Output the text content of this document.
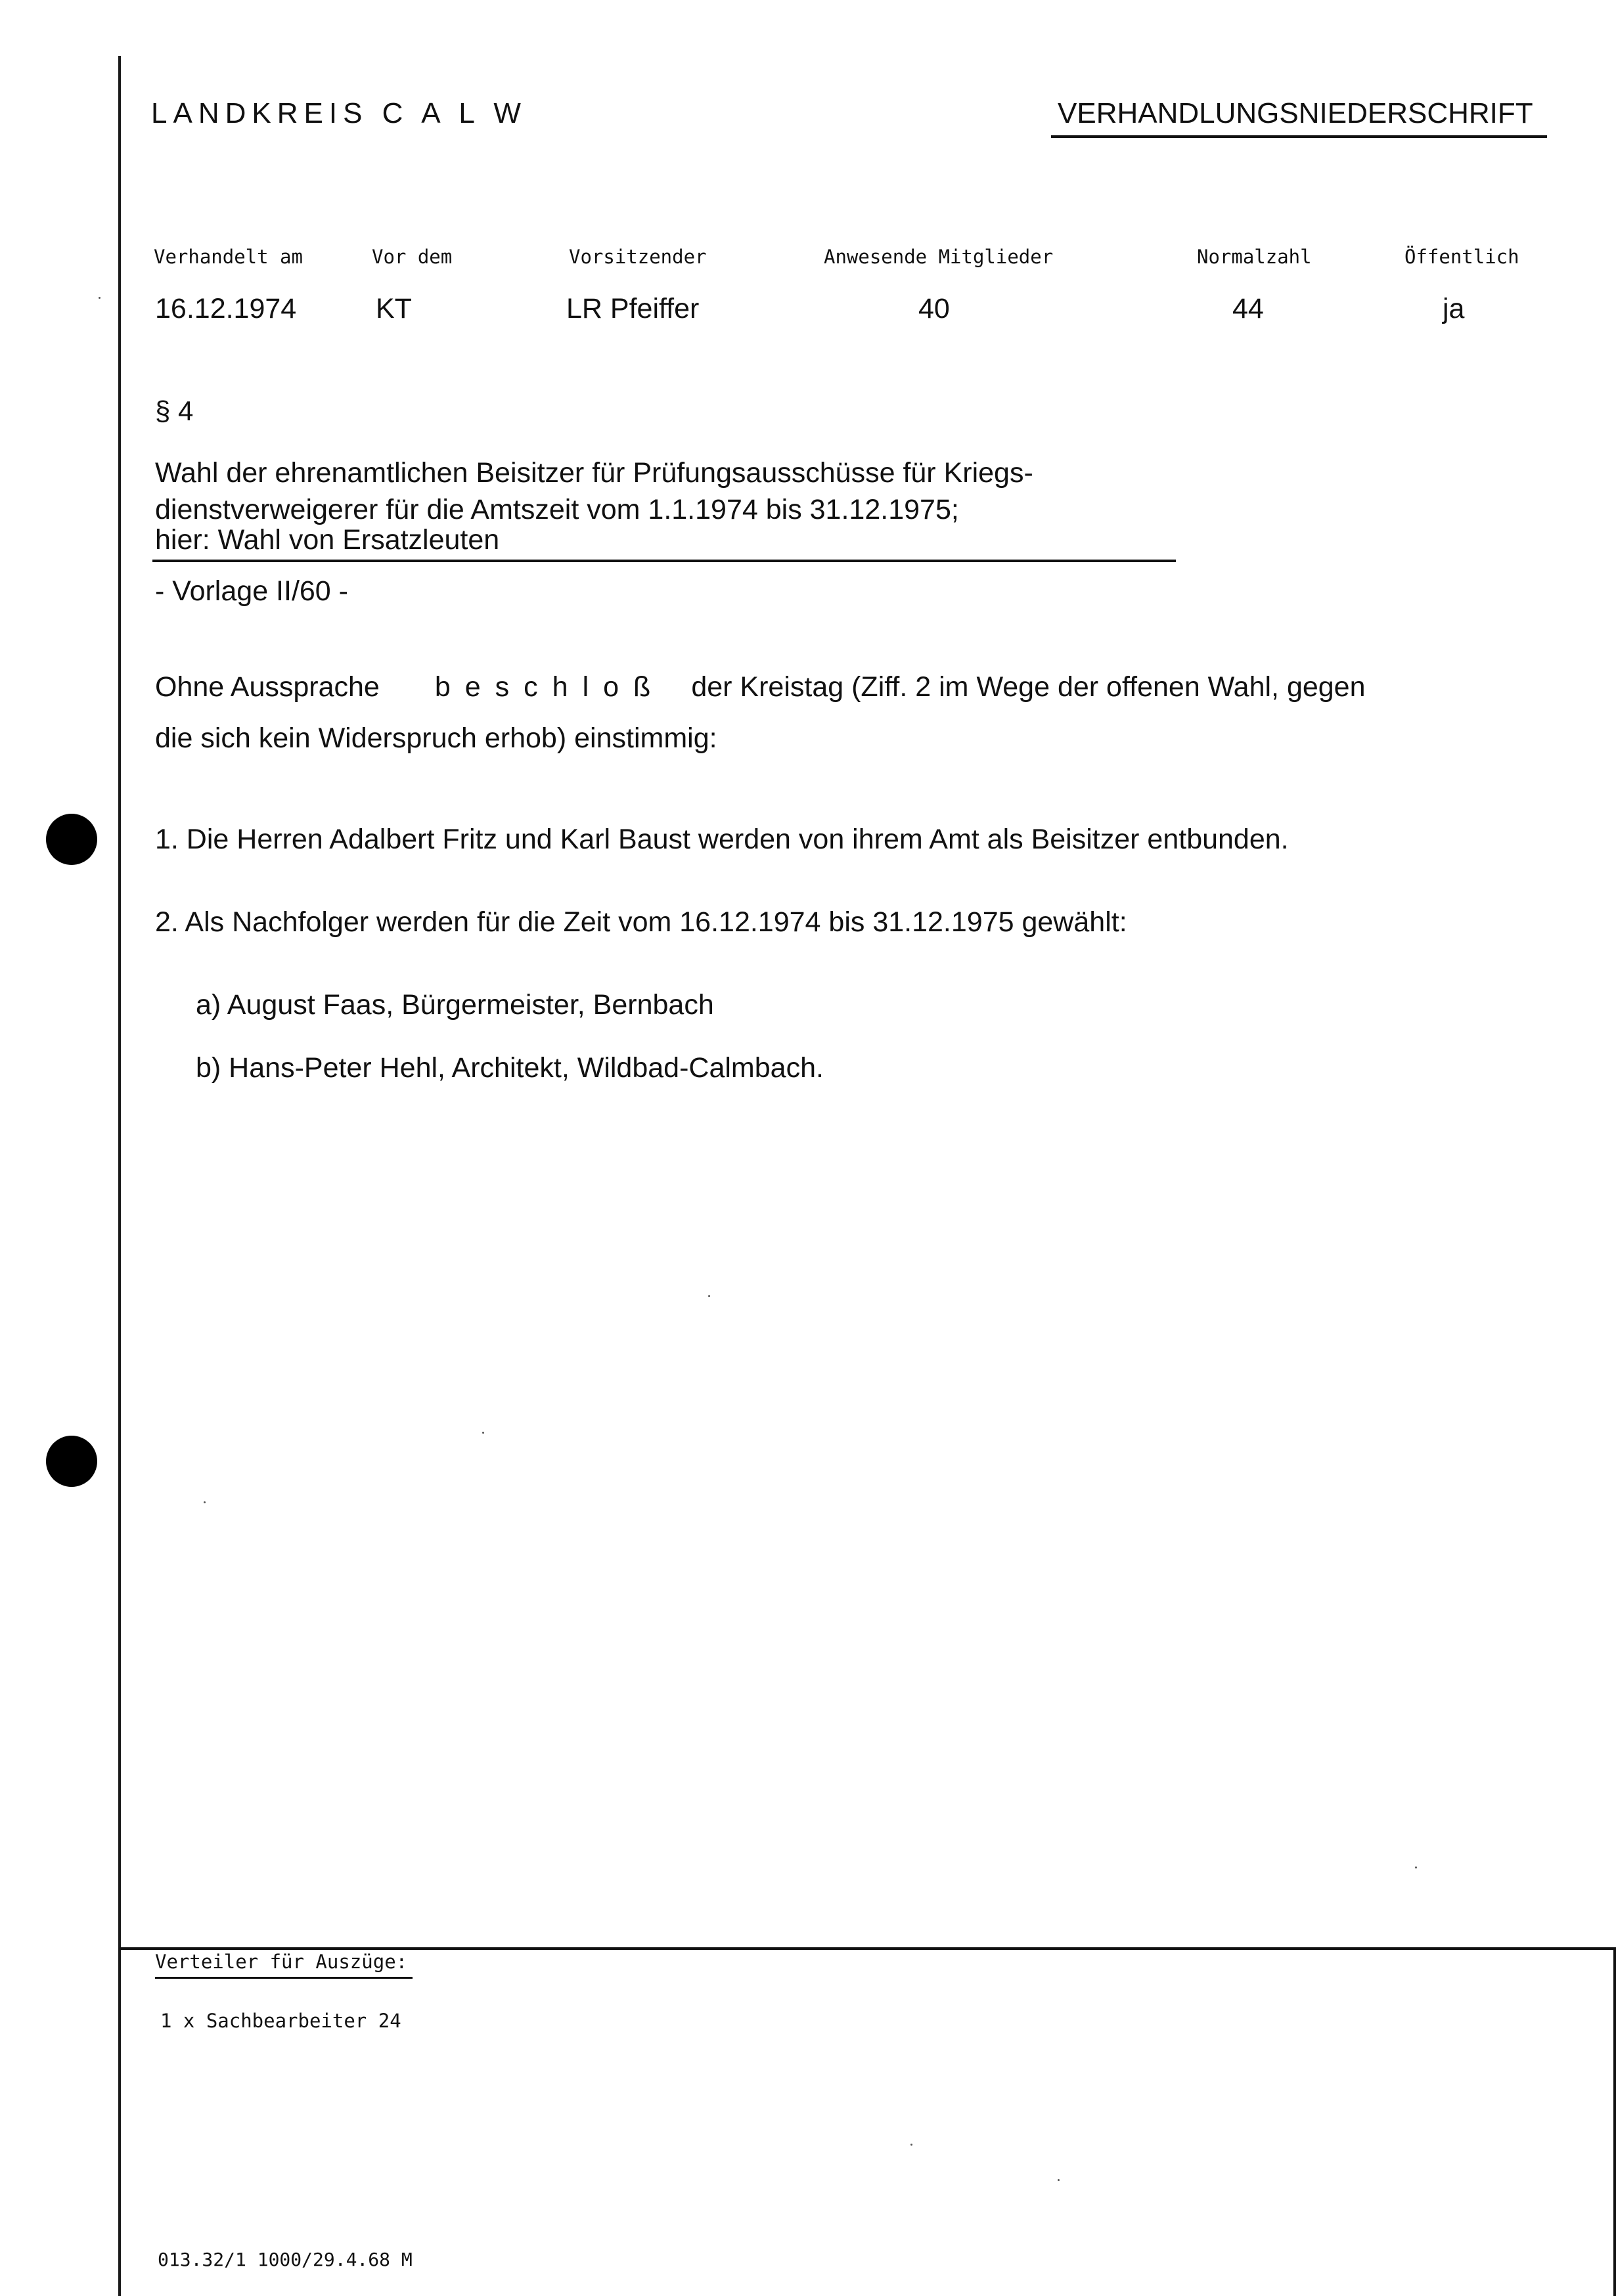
LANDKREIS C A L W	VERHANDLUNGSNIEDERSCHRIFT
Verhandelt am	Vor dem	Vorsitzender	Anwesende Mitglieder	Normalzahl	Öffentlich
16.12.1974	KT	LR Pfeiffer	40	44	ja
§ 4
Wahl der ehrenamtlichen Beisitzer für Prüfungsausschüsse für Kriegs-
dienstverweigerer für die Amtszeit vom 1.1.1974 bis 31.12.1975;
hier: Wahl von Ersatzleuten
- Vorlage II/60 -
Ohne Aussprache beschloß der Kreistag (Ziff. 2 im Wege der offenen Wahl, gegen
die sich kein Widerspruch erhob) einstimmig:
1. Die Herren Adalbert Fritz und Karl Baust werden von ihrem Amt als Beisitzer entbunden.
2. Als Nachfolger werden für die Zeit vom 16.12.1974 bis 31.12.1975 gewählt:
a) August Faas, Bürgermeister, Bernbach
b) Hans-Peter Hehl, Architekt, Wildbad-Calmbach.
Verteiler für Auszüge:
1 x Sachbearbeiter 24
013.32/1 1000/29.4.68 M
